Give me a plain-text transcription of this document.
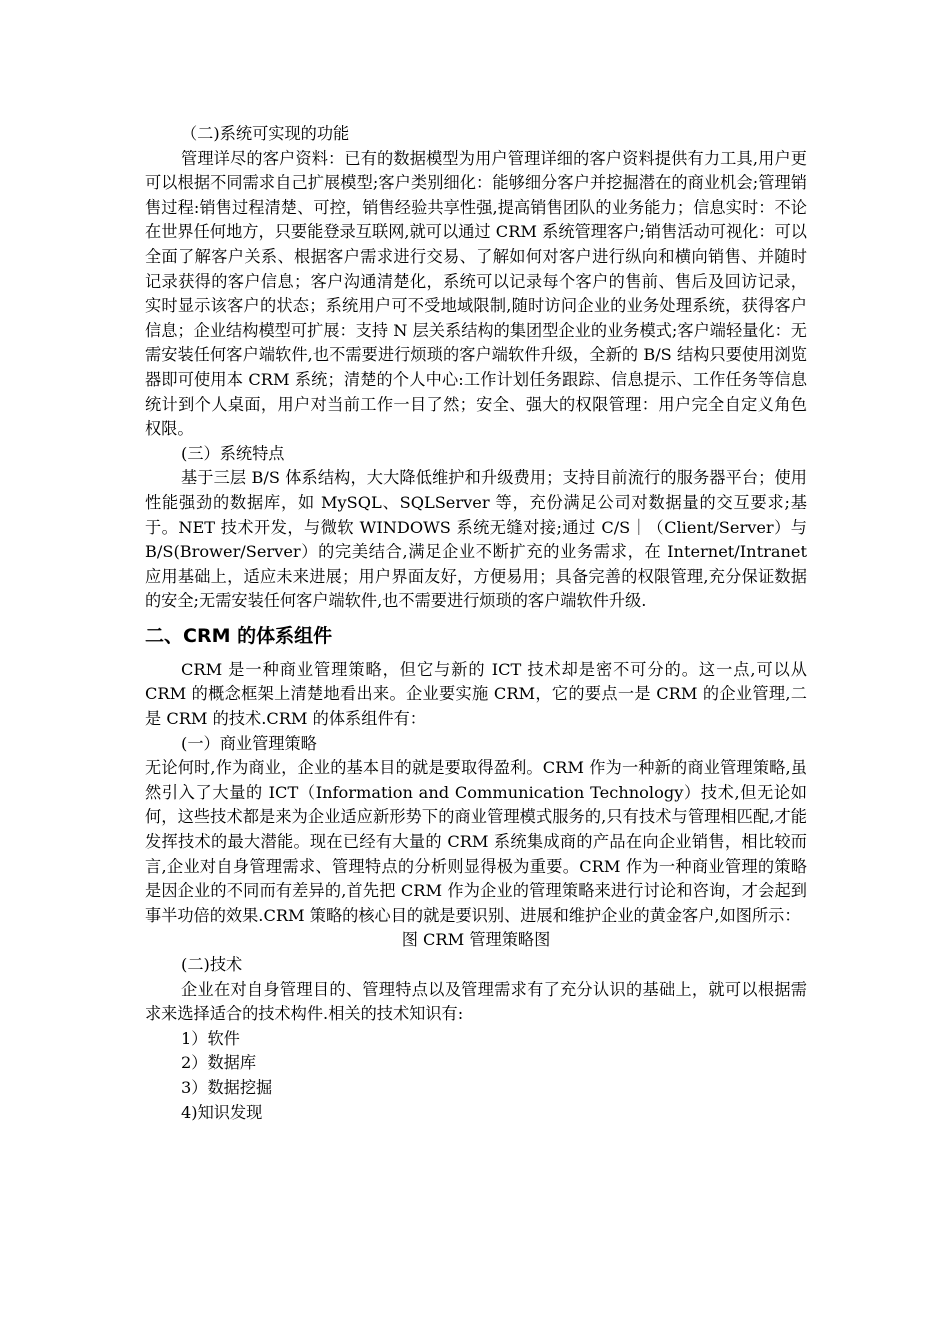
（二)系统可实现的功能

管理详尽的客户资料：已有的数据模型为用户管理详细的客户资料提供有力工具,用户更可以根据不同需求自己扩展模型;客户类别细化：能够细分客户并挖掘潜在的商业机会;管理销售过程:销售过程清楚、可控，销售经验共享性强,提高销售团队的业务能力；信息实时：不论在世界任何地方，只要能登录互联网,就可以通过 CRM 系统管理客户;销售活动可视化：可以全面了解客户关系、根据客户需求进行交易、了解如何对客户进行纵向和横向销售、并随时记录获得的客户信息；客户沟通清楚化，系统可以记录每个客户的售前、售后及回访记录，实时显示该客户的状态；系统用户可不受地域限制,随时访问企业的业务处理系统，获得客户信息；企业结构模型可扩展：支持 N 层关系结构的集团型企业的业务模式;客户端轻量化：无需安装任何客户端软件,也不需要进行烦琐的客户端软件升级，全新的 B/S 结构只要使用浏览器即可使用本 CRM 系统；清楚的个人中心:工作计划任务跟踪、信息提示、工作任务等信息统计到个人桌面，用户对当前工作一目了然；安全、强大的权限管理：用户完全自定义角色权限。

(三）系统特点

基于三层 B/S 体系结构，大大降低维护和升级费用；支持目前流行的服务器平台；使用性能强劲的数据库，如 MySQL、SQLServer 等，充份满足公司对数据量的交互要求;基于。NET 技术开发，与微软 WINDOWS 系统无缝对接;通过 C/S｜（Client/Server）与 B/S(Brower/Server）的完美结合,满足企业不断扩充的业务需求，在 Internet/Intranet 应用基础上，适应未来进展；用户界面友好，方便易用；具备完善的权限管理,充分保证数据的安全;无需安装任何客户端软件,也不需要进行烦琐的客户端软件升级.

二、CRM 的体系组件

CRM 是一种商业管理策略，但它与新的 ICT 技术却是密不可分的。这一点,可以从 CRM 的概念框架上清楚地看出来。企业要实施 CRM，它的要点一是 CRM 的企业管理,二是 CRM 的技术.CRM 的体系组件有：

(一）商业管理策略

无论何时,作为商业，企业的基本目的就是要取得盈利。CRM 作为一种新的商业管理策略,虽然引入了大量的 ICT（Information and Communication Technology）技术,但无论如何，这些技术都是来为企业适应新形势下的商业管理模式服务的,只有技术与管理相匹配,才能发挥技术的最大潜能。现在已经有大量的 CRM 系统集成商的产品在向企业销售，相比较而言,企业对自身管理需求、管理特点的分析则显得极为重要。CRM 作为一种商业管理的策略是因企业的不同而有差异的,首先把 CRM 作为企业的管理策略来进行讨论和咨询，才会起到事半功倍的效果.CRM 策略的核心目的就是要识别、进展和维护企业的黄金客户,如图所示：

图 CRM 管理策略图

(二)技术

企业在对自身管理目的、管理特点以及管理需求有了充分认识的基础上，就可以根据需求来选择适合的技术构件.相关的技术知识有:

1）软件

2）数据库

3）数据挖掘

4)知识发现
